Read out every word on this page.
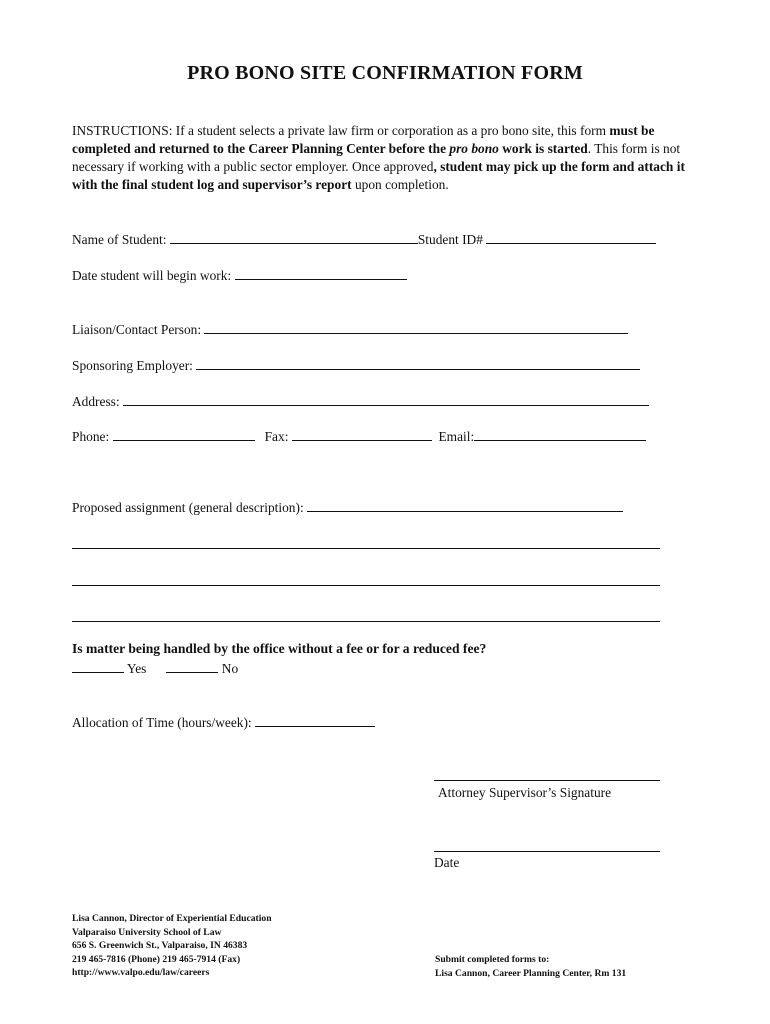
PRO BONO SITE CONFIRMATION FORM
INSTRUCTIONS: If a student selects a private law firm or corporation as a pro bono site, this form must be completed and returned to the Career Planning Center before the pro bono work is started. This form is not necessary if working with a public sector employer. Once approved, student may pick up the form and attach it with the final student log and supervisor’s report upon completion.
Name of Student:	Student ID#
Date student will begin work:
Liaison/Contact Person:
Sponsoring Employer:
Address:
Phone:	Fax:	Email:
Proposed assignment (general description):
Is matter being handled by the office without a fee or for a reduced fee?
Yes	No
Allocation of Time (hours/week):
Attorney Supervisor’s Signature
Date
Lisa Cannon, Director of Experiential Education
Valparaiso University School of Law
656 S. Greenwich St., Valparaiso, IN 46383
219 465-7816 (Phone) 219 465-7914 (Fax)
http://www.valpo.edu/law/careers
Submit completed forms to:
Lisa Cannon, Career Planning Center, Rm 131
